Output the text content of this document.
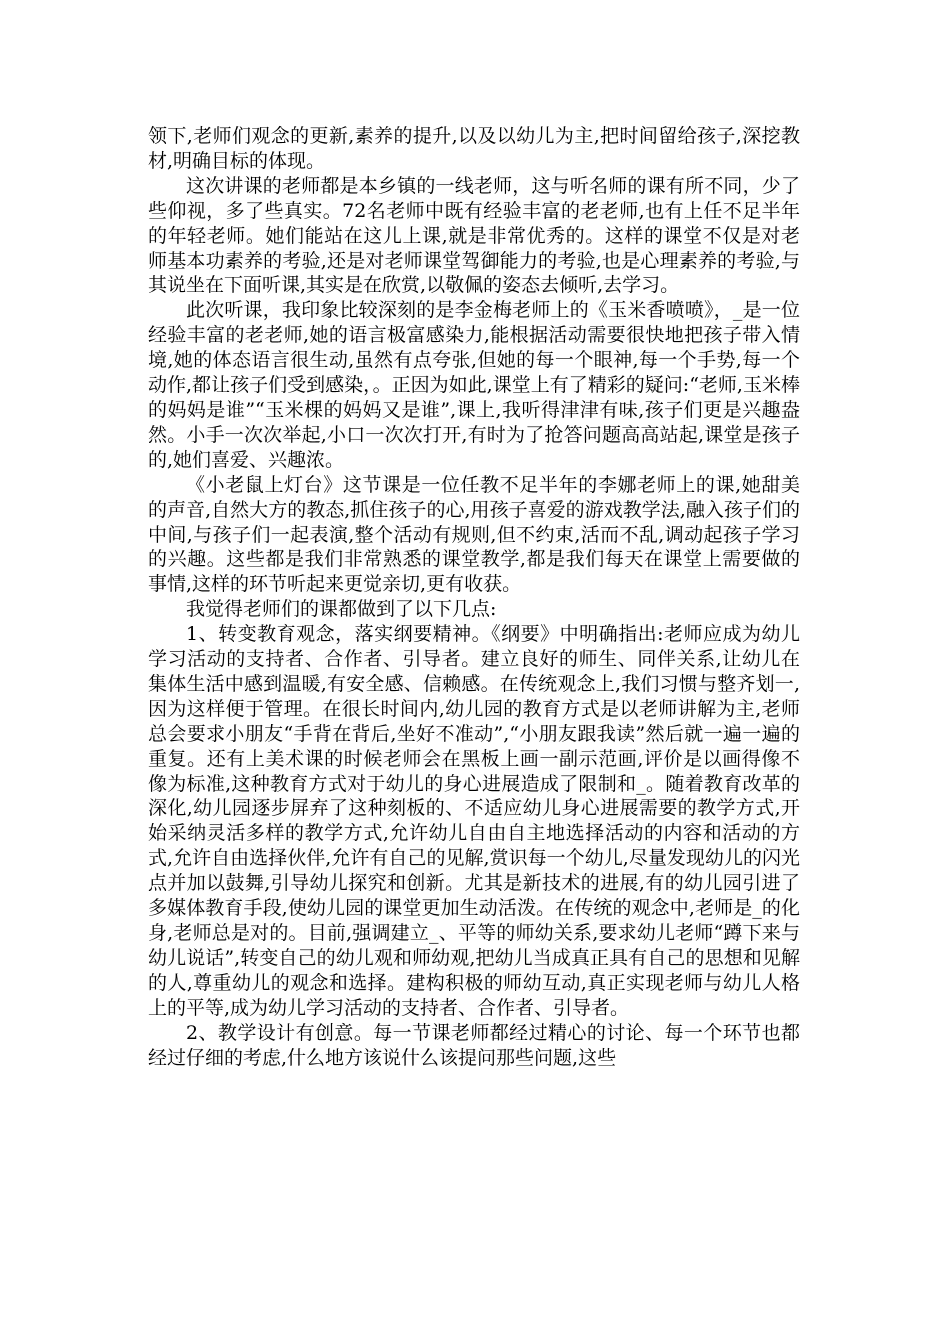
领下,老师们观念的更新,素养的提升,以及以幼儿为主,把时间留给孩子,深挖教材,明确目标的体现。

这次讲课的老师都是本乡镇的一线老师，这与听名师的课有所不同，少了些仰视，多了些真实。72名老师中既有经验丰富的老老师,也有上任不足半年的年轻老师。她们能站在这儿上课,就是非常优秀的。这样的课堂不仅是对老师基本功素养的考验,还是对老师课堂驾御能力的考验,也是心理素养的考验,与其说坐在下面听课,其实是在欣赏,以敬佩的姿态去倾听,去学习。

此次听课，我印象比较深刻的是李金梅老师上的《玉米香喷喷》，_是一位经验丰富的老老师,她的语言极富感染力,能根据活动需要很快地把孩子带入情境,她的体态语言很生动,虽然有点夸张,但她的每一个眼神,每一个手势,每一个动作,都让孩子们受到感染，。正因为如此,课堂上有了精彩的疑问:“老师,玉米棒的妈妈是谁”“玉米棵的妈妈又是谁”,课上,我听得津津有味,孩子们更是兴趣盎然。小手一次次举起,小口一次次打开,有时为了抢答问题高高站起,课堂是孩子的,她们喜爱、兴趣浓。

《小老鼠上灯台》这节课是一位任教不足半年的李娜老师上的课,她甜美的声音,自然大方的教态,抓住孩子的心,用孩子喜爱的游戏教学法,融入孩子们的中间,与孩子们一起表演,整个活动有规则,但不约束,活而不乱,调动起孩子学习的兴趣。这些都是我们非常熟悉的课堂教学,都是我们每天在课堂上需要做的事情,这样的环节听起来更觉亲切,更有收获。

我觉得老师们的课都做到了以下几点:

1、转变教育观念，落实纲要精神。《纲要》中明确指出:老师应成为幼儿学习活动的支持者、合作者、引导者。建立良好的师生、同伴关系,让幼儿在集体生活中感到温暖,有安全感、信赖感。在传统观念上,我们习惯与整齐划一,因为这样便于管理。在很长时间内,幼儿园的教育方式是以老师讲解为主,老师总会要求小朋友“手背在背后,坐好不准动”,“小朋友跟我读”然后就一遍一遍的重复。还有上美术课的时候老师会在黑板上画一副示范画,评价是以画得像不像为标准,这种教育方式对于幼儿的身心进展造成了限制和_。随着教育改革的深化,幼儿园逐步屏弃了这种刻板的、不适应幼儿身心进展需要的教学方式,开始采纳灵活多样的教学方式,允许幼儿自由自主地选择活动的内容和活动的方式,允许自由选择伙伴,允许有自己的见解,赏识每一个幼儿,尽量发现幼儿的闪光点并加以鼓舞,引导幼儿探究和创新。尤其是新技术的进展,有的幼儿园引进了多媒体教育手段,使幼儿园的课堂更加生动活泼。在传统的观念中,老师是_的化身,老师总是对的。目前,强调建立_、平等的师幼关系,要求幼儿老师“蹲下来与幼儿说话”,转变自己的幼儿观和师幼观,把幼儿当成真正具有自己的思想和见解的人,尊重幼儿的观念和选择。建构积极的师幼互动,真正实现老师与幼儿人格上的平等,成为幼儿学习活动的支持者、合作者、引导者。

2、教学设计有创意。每一节课老师都经过精心的讨论、每一个环节也都经过仔细的考虑,什么地方该说什么该提问那些问题,这些
